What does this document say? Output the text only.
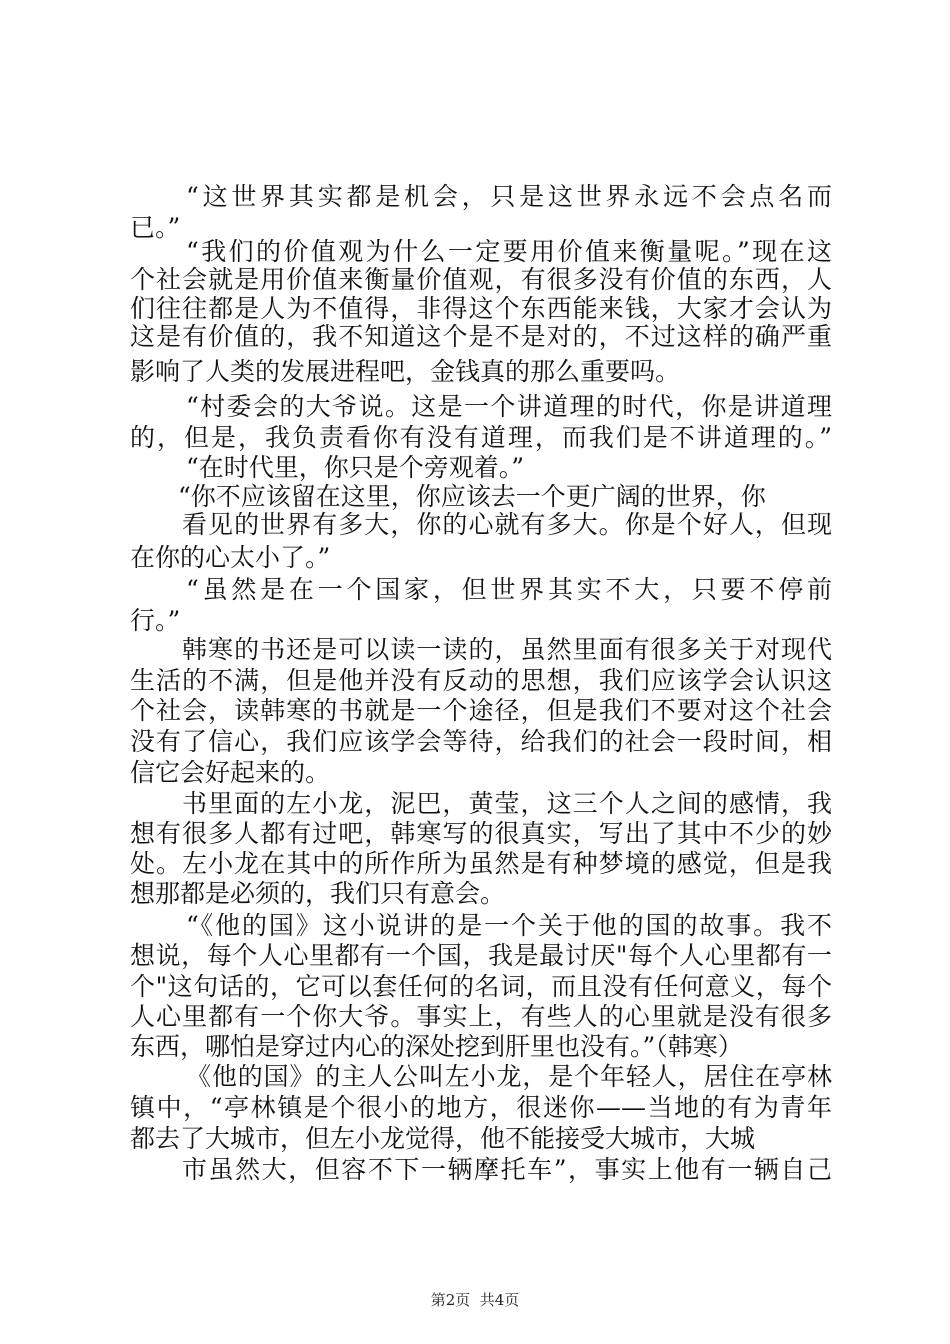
“这世界其实都是机会，只是这世界永远不会点名而
已。”
“我们的价值观为什么一定要用价值来衡量呢。”现在这
个社会就是用价值来衡量价值观，有很多没有价值的东西，人
们往往都是人为不值得，非得这个东西能来钱，大家才会认为
这是有价值的，我不知道这个是不是对的，不过这样的确严重
影响了人类的发展进程吧，金钱真的那么重要吗。
“村委会的大爷说。这是一个讲道理的时代，你是讲道理
的，但是，我负责看你有没有道理，而我们是不讲道理的。”
“在时代里，你只是个旁观着。”
“你不应该留在这里，你应该去一个更广阔的世界，你
看见的世界有多大，你的心就有多大。你是个好人，但现
在你的心太小了。”
“虽然是在一个国家，但世界其实不大，只要不停前
行。”
韩寒的书还是可以读一读的，虽然里面有很多关于对现代
生活的不满，但是他并没有反动的思想，我们应该学会认识这
个社会，读韩寒的书就是一个途径，但是我们不要对这个社会
没有了信心，我们应该学会等待，给我们的社会一段时间，相
信它会好起来的。
书里面的左小龙，泥巴，黄莹，这三个人之间的感情，我
想有很多人都有过吧，韩寒写的很真实，写出了其中不少的妙
处。左小龙在其中的所作所为虽然是有种梦境的感觉，但是我
想那都是必须的，我们只有意会。
“《他的国》这小说讲的是一个关于他的国的故事。我不
想说，每个人心里都有一个国，我是最讨厌"每个人心里都有一
个"这句话的，它可以套任何的名词，而且没有任何意义，每个
人心里都有一个你大爷。事实上，有些人的心里就是没有很多
东西，哪怕是穿过内心的深处挖到肝里也没有。”（韩寒）
《他的国》的主人公叫左小龙，是个年轻人，居住在亭林
镇中，“亭林镇是个很小的地方，很迷你——当地的有为青年
都去了大城市，但左小龙觉得，他不能接受大城市，大城
市虽然大，但容不下一辆摩托车”，事实上他有一辆自己
第2页  共4页
